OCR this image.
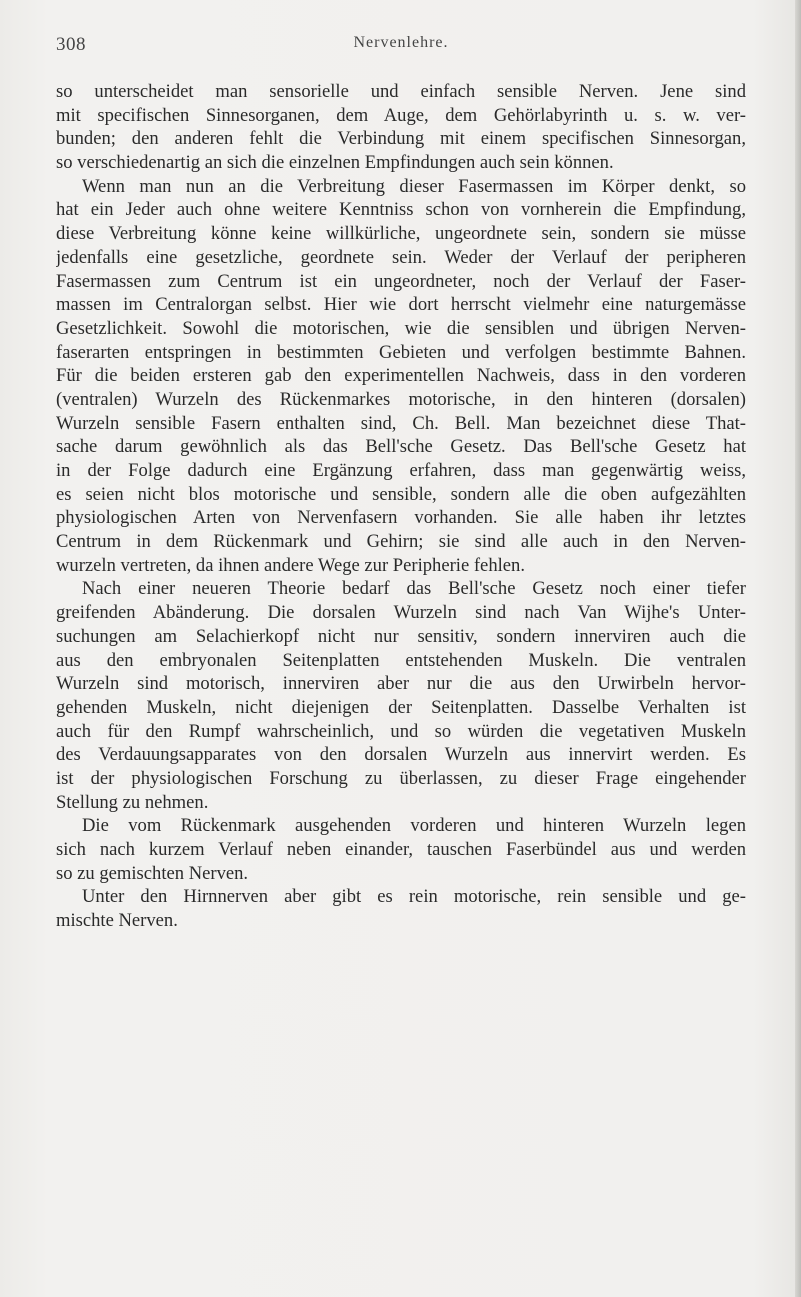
308	Nervenlehre.
so unterscheidet man sensorielle und einfach sensible Nerven. Jene sind
mit specifischen Sinnesorganen, dem Auge, dem Gehörlabyrinth u. s. w. ver-
bunden; den anderen fehlt die Verbindung mit einem specifischen Sinnesorgan,
so verschiedenartig an sich die einzelnen Empfindungen auch sein können.
Wenn man nun an die Verbreitung dieser Fasermassen im Körper denkt, so
hat ein Jeder auch ohne weitere Kenntniss schon von vornherein die Empfindung,
diese Verbreitung könne keine willkürliche, ungeordnete sein, sondern sie müsse
jedenfalls eine gesetzliche, geordnete sein. Weder der Verlauf der peripheren
Fasermassen zum Centrum ist ein ungeordneter, noch der Verlauf der Faser-
massen im Centralorgan selbst. Hier wie dort herrscht vielmehr eine naturgemässe
Gesetzlichkeit. Sowohl die motorischen, wie die sensiblen und übrigen Nerven-
faserarten entspringen in bestimmten Gebieten und verfolgen bestimmte Bahnen.
Für die beiden ersteren gab den experimentellen Nachweis, dass in den vorderen
(ventralen) Wurzeln des Rückenmarkes motorische, in den hinteren (dorsalen)
Wurzeln sensible Fasern enthalten sind, Ch. Bell. Man bezeichnet diese That-
sache darum gewöhnlich als das Bell'sche Gesetz. Das Bell'sche Gesetz hat
in der Folge dadurch eine Ergänzung erfahren, dass man gegenwärtig weiss,
es seien nicht blos motorische und sensible, sondern alle die oben aufgezählten
physiologischen Arten von Nervenfasern vorhanden. Sie alle haben ihr letztes
Centrum in dem Rückenmark und Gehirn; sie sind alle auch in den Nerven-
wurzeln vertreten, da ihnen andere Wege zur Peripherie fehlen.
Nach einer neueren Theorie bedarf das Bell'sche Gesetz noch einer tiefer
greifenden Abänderung. Die dorsalen Wurzeln sind nach Van Wijhe's Unter-
suchungen am Selachierkopf nicht nur sensitiv, sondern innerviren auch die
aus den embryonalen Seitenplatten entstehenden Muskeln. Die ventralen
Wurzeln sind motorisch, innerviren aber nur die aus den Urwirbeln hervor-
gehenden Muskeln, nicht diejenigen der Seitenplatten. Dasselbe Verhalten ist
auch für den Rumpf wahrscheinlich, und so würden die vegetativen Muskeln
des Verdauungsapparates von den dorsalen Wurzeln aus innervirt werden. Es
ist der physiologischen Forschung zu überlassen, zu dieser Frage eingehender
Stellung zu nehmen.
Die vom Rückenmark ausgehenden vorderen und hinteren Wurzeln legen
sich nach kurzem Verlauf neben einander, tauschen Faserbündel aus und werden
so zu gemischten Nerven.
Unter den Hirnnerven aber gibt es rein motorische, rein sensible und ge-
mischte Nerven.
